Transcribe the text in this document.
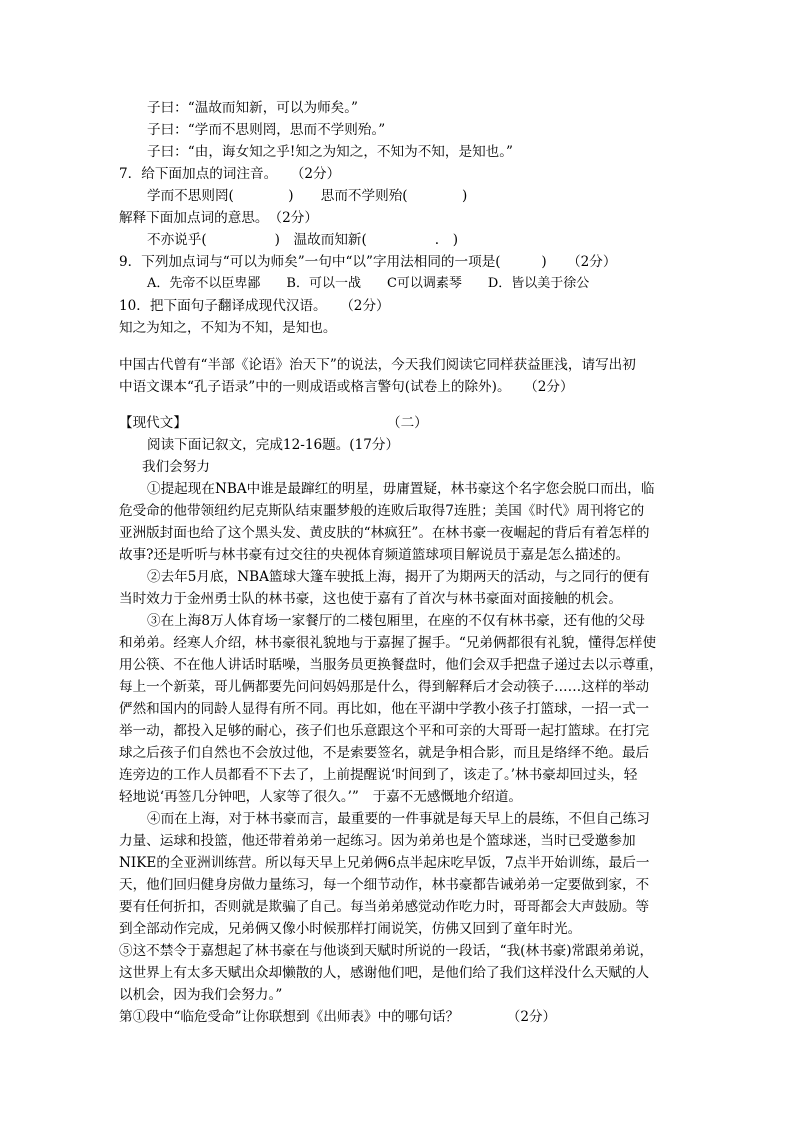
子曰：“温故而知新，可以为师矣。”
子曰：“学而不思则罔，思而不学则殆。”
子曰：“由，诲女知之乎!知之为知之，不知为不知，是知也。”
7．给下面加点的词注音。　　（2分）
学而不思则罔(　　　　)　　思而不学则殆(　　　　)
解释下面加点词的意思。　（2分）
不亦说乎(　　　　　)　温故而知新(　　　　　.　)
9．下列加点词与“可以为师矣”一句中“以”字用法相同的一项是(　　　)　　（2分）
A．先帝不以臣卑鄙　　B．可以一战　　C可以调素琴　　D．皆以美于徐公
10．把下面句子翻译成现代汉语。　　（2分）
知之为知之，不知为不知，是知也。
中国古代曾有“半部《论语》治天下”的说法，今天我们阅读它同样获益匪浅，请写出初
中语文课本“孔子语录”中的一则成语或格言警句(试卷上的除外)。　　（2分）
【现代文】	（二）
阅读下面记叙文，完成12-16题。(17分）
我们会努力
①提起现在NBA中谁是最蹿红的明星，毋庸置疑，林书豪这个名字您会脱口而出，临
危受命的他带领纽约尼克斯队结束噩梦般的连败后取得7连胜；美国《时代》周刊将它的
亚洲版封面也给了这个黑头发、黄皮肤的“林疯狂”。在林书豪一夜崛起的背后有着怎样的
故事?还是听听与林书豪有过交往的央视体育频道篮球项目解说员于嘉是怎么描述的。
②去年5月底，NBA篮球大篷车驶抵上海，揭开了为期两天的活动，与之同行的便有
当时效力于金州勇士队的林书豪，这也使于嘉有了首次与林书豪面对面接触的机会。
③在上海8万人体育场一家餐厅的二楼包厢里，在座的不仅有林书豪，还有他的父母
和弟弟。经寒人介绍，林书豪很礼貌地与于嘉握了握手。“兄弟俩都很有礼貌，懂得怎样使
用公筷、不在他人讲话时聒噪，当服务员更换餐盘时，他们会双手把盘子递过去以示尊重，
每上一个新菜，哥儿俩都要先问问妈妈那是什么，得到解释后才会动筷子……这样的举动
俨然和国内的同龄人显得有所不同。再比如，他在平湖中学教小孩子打篮球，一招一式一
举一动，都投入足够的耐心，孩子们也乐意跟这个平和可亲的大哥哥一起打篮球。在打完
球之后孩子们自然也不会放过他，不是索要签名，就是争相合影，而且是络绎不绝。最后
连旁边的工作人员都看不下去了，上前提醒说‘时间到了，该走了。’林书豪却回过头，轻
轻地说‘再签几分钟吧，人家等了很久。’”　于嘉不无感慨地介绍道。
④而在上海，对于林书豪而言，最重要的一件事就是每天早上的晨练，不但自己练习
力量、运球和投篮，他还带着弟弟一起练习。因为弟弟也是个篮球迷，当时已受邀参加
NIKE的全亚洲训练营。所以每天早上兄弟俩6点半起床吃早饭，7点半开始训练，最后一
天，他们回归健身房做力量练习，每一个细节动作，林书豪都告诫弟弟一定要做到家，不
要有任何折扣，否则就是欺骗了自己。每当弟弟感觉动作吃力时，哥哥都会大声鼓励。等
到全部动作完成，兄弟俩又像小时候那样打闹说笑，仿佛又回到了童年时光。
⑤这不禁令于嘉想起了林书豪在与他谈到天赋时所说的一段话，“我(林书豪)常跟弟弟说，
这世界上有太多天赋出众却懒散的人，感谢他们吧，是他们给了我们这样没什么天赋的人
以机会，因为我们会努力。”
第①段中“临危受命”让你联想到《出师表》中的哪句话？　　　　（2分）
